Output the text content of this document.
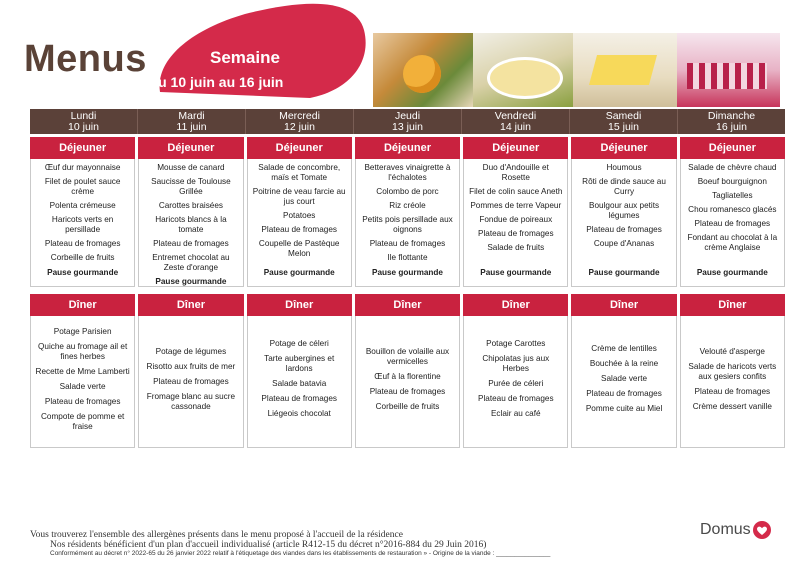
Menus	Semaine
Du 10 juin au 16 juin
Lundi
10 juin
Mardi
11 juin
Mercredi
12 juin
Jeudi
13 juin
Vendredi
14 juin
Samedi
15 juin
Dimanche
16 juin
Déjeuner
Œuf dur mayonnaise
Filet de poulet sauce crème
Polenta crémeuse
Haricots verts en persillade
Plateau de fromages
Corbeille de fruits
Pause gourmande
Dîner
Potage Parisien
Quiche au fromage ail et fines herbes
Recette de Mme Lamberti
Salade verte
Plateau de fromages
Compote de pomme et fraise
Déjeuner
Mousse de canard
Saucisse de Toulouse Grillée
Carottes braisées
Haricots blancs à la tomate
Plateau de fromages
Entremet chocolat au Zeste d'orange
Pause gourmande
Dîner
Potage de légumes
Risotto aux fruits de mer
Plateau de fromages
Fromage blanc au sucre cassonade
Déjeuner
Salade de concombre, maïs et Tomate
Poitrine de veau farcie au jus court
Potatoes
Plateau de fromages
Coupelle de Pastèque Melon
Pause gourmande
Dîner
Potage de céleri
Tarte aubergines et lardons
Salade batavia
Plateau de fromages
Liégeois chocolat
Déjeuner
Betteraves vinaigrette à l'échalotes
Colombo de porc
Riz créole
Petits pois persillade aux oignons
Plateau de fromages
Ile flottante
Pause gourmande
Dîner
Bouillon de volaille aux vermicelles
Œuf à la florentine
Plateau de fromages
Corbeille de fruits
Déjeuner
Duo d'Andouille et Rosette
Filet de colin sauce Aneth
Pommes de terre Vapeur
Fondue de poireaux
Plateau de fromages
Salade de fruits
Pause gourmande
Dîner
Potage Carottes
Chipolatas jus aux Herbes
Purée de céleri
Plateau de fromages
Eclair au café
Déjeuner
Houmous
Rôti de dinde sauce au Curry
Boulgour aux petits légumes
Plateau de fromages
Coupe d'Ananas
Pause gourmande
Dîner
Crème de lentilles
Bouchée à la reine
Salade verte
Plateau de fromages
Pomme cuite au Miel
Déjeuner
Salade de chèvre chaud
Boeuf bourguignon
Tagliatelles
Chou romanesco glacés
Plateau de fromages
Fondant au chocolat à la crème Anglaise
Pause gourmande
Dîner
Velouté d'asperge
Salade de haricots verts aux gesiers confits
Plateau de fromages
Crème dessert vanille
Vous trouverez l'ensemble des allergènes présents dans le menu proposé à l'accueil de la résidence
Nos résidents bénéficient d'un plan d'accueil individualisé (article R412-15 du décret n°2016-884 du 29 Juin 2016)
Conformément au décret n° 2022-65 du 26 janvier 2022 relatif à l'étiquetage des viandes dans les établissements de restauration » - Origine de la viande : _______________
Domus
